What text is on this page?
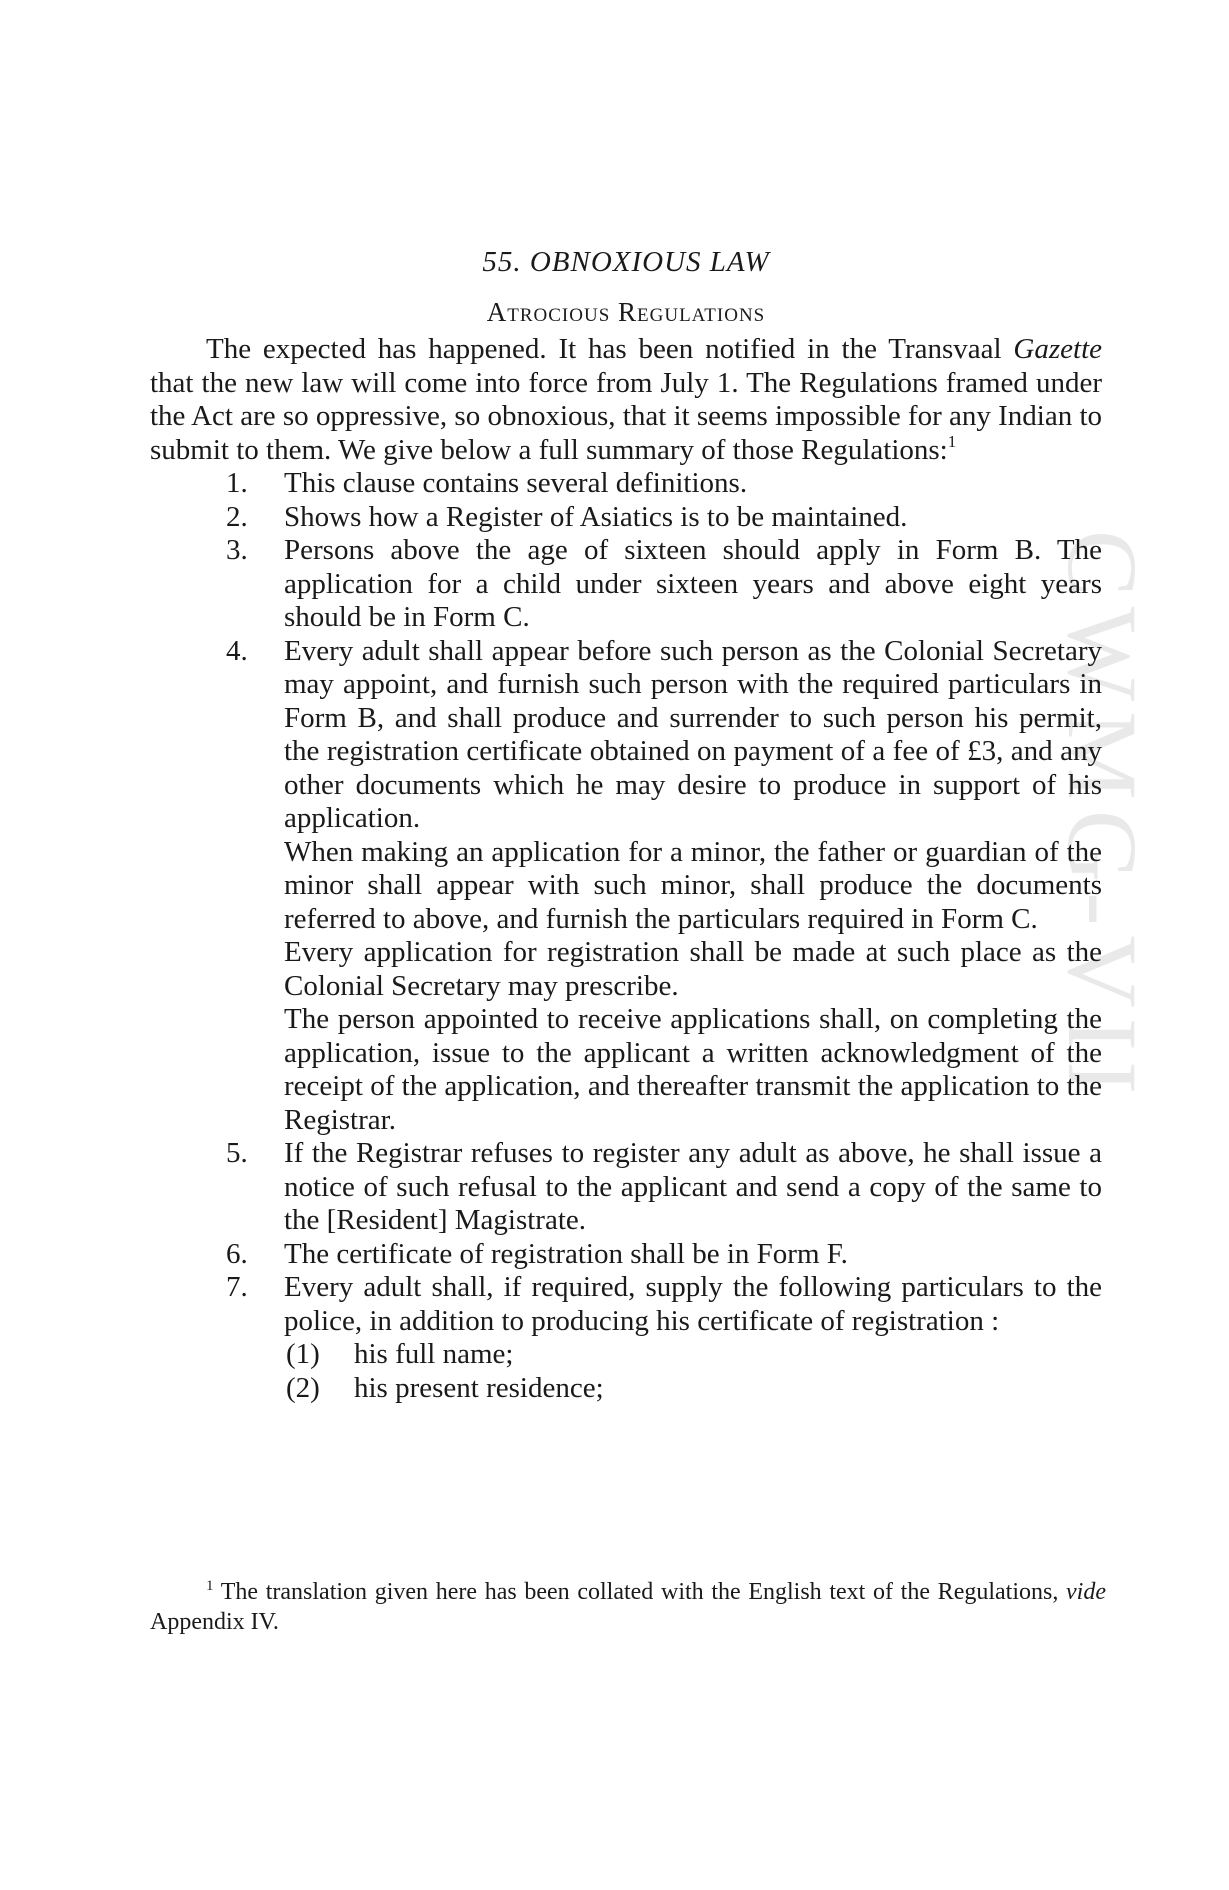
CWMG-VII
55. OBNOXIOUS LAW
Atrocious Regulations

The expected has happened. It has been notified in the Transvaal Gazette that the new law will come into force from July 1. The Regulations framed under the Act are so oppressive, so obnoxious, that it seems impossible for any Indian to submit to them. We give below a full summary of those Regulations:$^1$

1. This clause contains several definitions.
2. Shows how a Register of Asiatics is to be maintained.
3. Persons above the age of sixteen should apply in Form B. The application for a child under sixteen years and above eight years should be in Form C.
4. Every adult shall appear before such person as the Colonial Secretary may appoint, and furnish such person with the required particulars in Form B, and shall produce and surrender to such person his permit, the registration certificate obtained on payment of a fee of £3, and any other documents which he may desire to produce in support of his application.

When making an application for a minor, the father or guardian of the minor shall appear with such minor, shall produce the documents referred to above, and furnish the particulars required in Form C.

Every application for registration shall be made at such place as the Colonial Secretary may prescribe.

The person appointed to receive applications shall, on completing the application, issue to the applicant a written acknowledgment of the receipt of the application, and thereafter transmit the application to the Registrar.

5. If the Registrar refuses to register any adult as above, he shall issue a notice of such refusal to the applicant and send a copy of the same to the [Resident] Magistrate.
6. The certificate of registration shall be in Form F.
7. Every adult shall, if required, supply the following particulars to the police, in addition to producing his certificate of registration :
(1) his full name;
(2) his present residence;

$^1$ The translation given here has been collated with the English text of the Regulations, vide Appendix IV.
